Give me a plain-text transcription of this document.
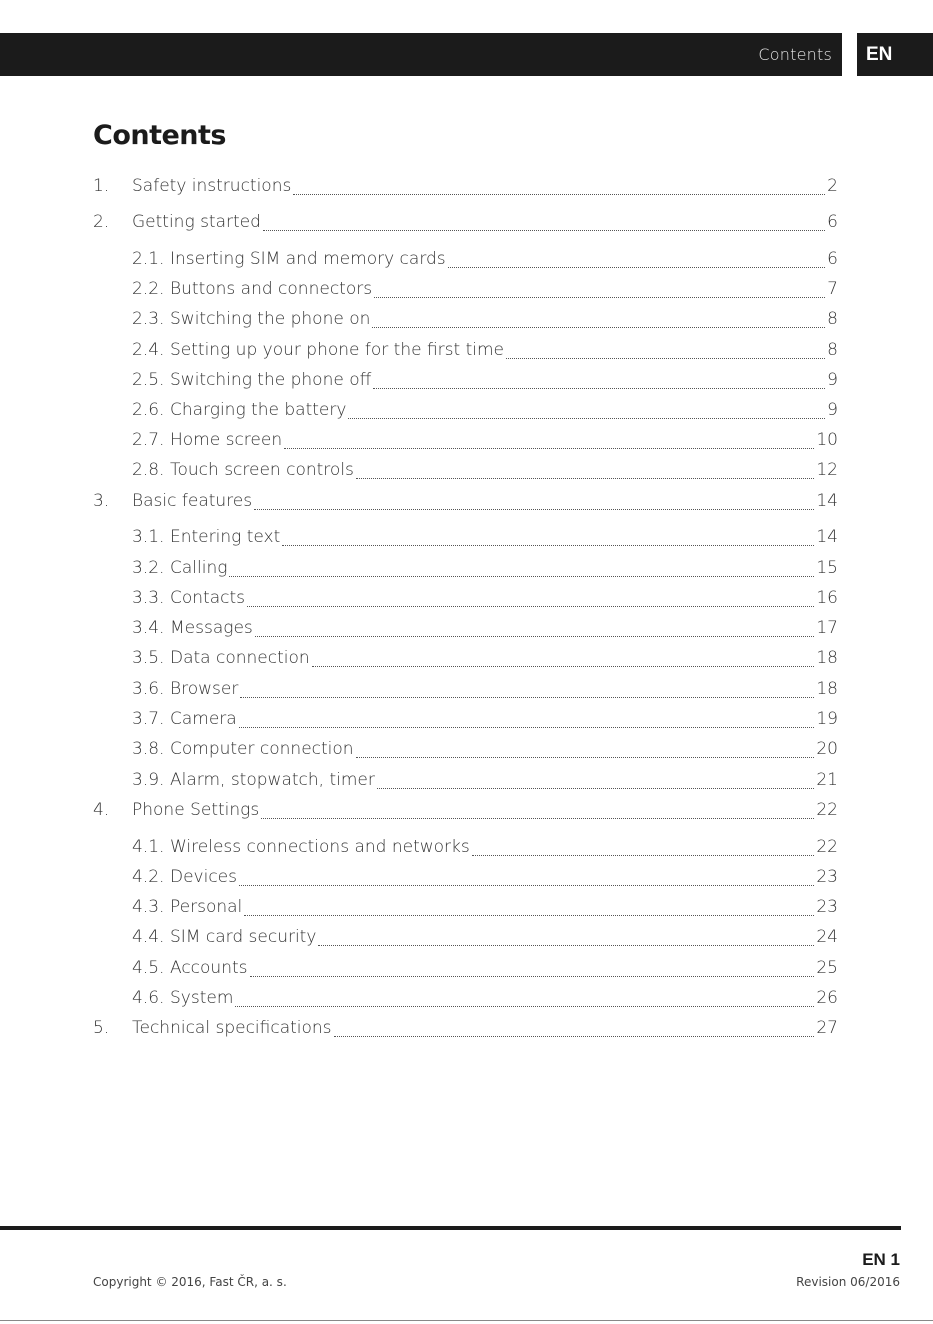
Contents	EN
Contents
1.	Safety instructions	2
2.	Getting started	6
2.1. Inserting SIM and memory cards	6
2.2. Buttons and connectors	7
2.3. Switching the phone on	8
2.4. Setting up your phone for the first time	8
2.5. Switching the phone off	9
2.6. Charging the battery	9
2.7. Home screen	10
2.8. Touch screen controls	12
3.	Basic features	14
3.1. Entering text	14
3.2. Calling	15
3.3. Contacts	16
3.4. Messages	17
3.5. Data connection	18
3.6. Browser	18
3.7. Camera	19
3.8. Computer connection	20
3.9. Alarm, stopwatch, timer	21
4.	Phone Settings	22
4.1. Wireless connections and networks	22
4.2. Devices	23
4.3. Personal	23
4.4. SIM card security	24
4.5. Accounts	25
4.6. System	26
5.	Technical specifications	27
EN 1
Copyright © 2016, Fast ČR, a. s.	Revision 06/2016
